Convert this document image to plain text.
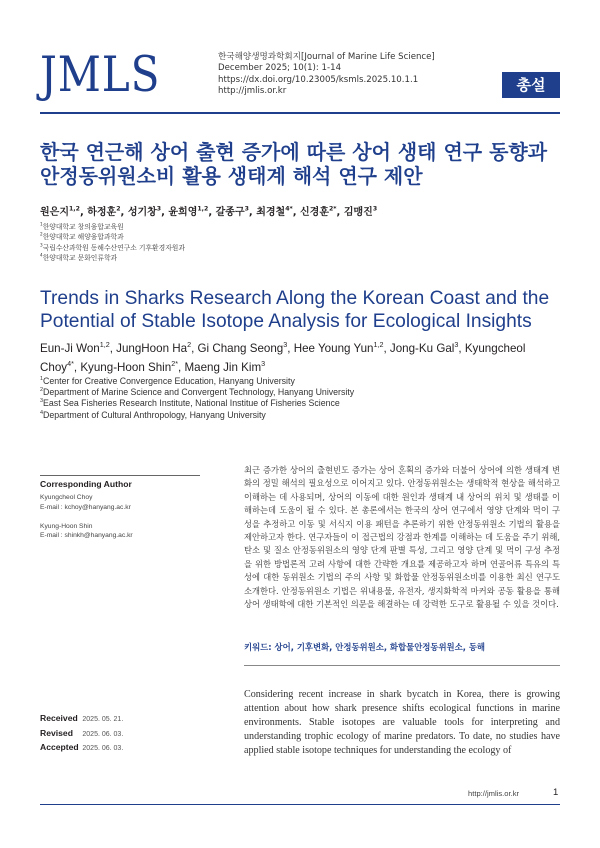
JMLS	한국해양생명과학회지[Journal of Marine Life Science]
December 2025; 10(1): 1-14
https://dx.doi.org/10.23005/ksmls.2025.10.1.1
http://jmlis.or.kr	총설
한국 연근해 상어 출현 증가에 따른 상어 생태 연구 동향과 안정동위원소비 활용 생태계 해석 연구 제안
원은지$^{1,2}$, 하정훈$^2$, 성기창$^3$, 윤희영$^{1,2}$, 갈종구$^3$, 최경철$^{4*}$, 신경훈$^{2*}$, 김맹진$^3$
$^1$한양대학교 창의융합교육원
$^2$한양대학교 해양융합과학과
$^3$국립수산과학원 동해수산연구소 기후환경자원과
$^4$한양대학교 문화인류학과
Trends in Sharks Research Along the Korean Coast and the Potential of Stable Isotope Analysis for Ecological Insights
Eun-Ji Won$^{1,2}$, JungHoon Ha$^2$, Gi Chang Seong$^3$, Hee Young Yun$^{1,2}$, Jong-Ku Gal$^3$, Kyungcheol Choy$^{4*}$, Kyung-Hoon Shin$^{2*}$, Maeng Jin Kim$^3$
$^1$Center for Creative Convergence Education, Hanyang University
$^2$Department of Marine Science and Convergent Technology, Hanyang University
$^3$East Sea Fisheries Research Institute, National Institue of Fisheries Science
$^4$Department of Cultural Anthropology, Hanyang University
Corresponding Author
Kyungcheol Choy
E-mail : kchoy@hanyang.ac.kr
Kyung-Hoon Shin
E-mail : shinkh@hanyang.ac.kr
최근 증가한 상어의 출현빈도 증가는 상어 혼획의 증가와 더불어 상어에 의한 생태계 변화의 정밀 해석의 필요성으로 이어지고 있다. 안정동위원소는 생태학적 현상을 해석하고 이해하는 데 사용되며, 상어의 이동에 대한 원인과 생태계 내 상어의 위치 및 생태를 이해하는데 도움이 될 수 있다. 본 총론에서는 한국의 상어 연구에서 영양 단계와 먹이 구성을 추정하고 이동 및 서식지 이용 패턴을 추론하기 위한 안정동위원소 기법의 활용을 제안하고자 한다. 연구자들이 이 접근법의 강점과 한계를 이해하는 데 도움을 주기 위해, 탄소 및 질소 안정동위원소의 영양 단계 판별 특성, 그리고 영양 단계 및 먹이 구성 추정을 위한 방법론적 고려 사항에 대한 간략한 개요를 제공하고자 하며 연골어류 특유의 특성에 대한 동위원소 기법의 주의 사항 및 화합물 안정동위원소비를 이용한 최신 연구도 소개한다. 안정동위원소 기법은 위내용물, 유전자, 생지화학적 마커와 공동 활용을 통해 상어 생태학에 대한 기본적인 의문을 해결하는 데 강력한 도구로 활용될 수 있을 것이다.
키워드: 상어, 기후변화, 안정동위원소, 화합물안정동위원소, 동해
Received 2025. 05. 21.
Revised 2025. 06. 03.
Accepted 2025. 06. 03.
Considering recent increase in shark bycatch in Korea, there is growing attention about how shark presence shifts ecological functions in marine environments. Stable isotopes are valuable tools for interpreting and understanding trophic ecology of marine predators. To date, no studies have applied stable isotope techniques for understanding the ecology of
http://jmlis.or.kr	1
